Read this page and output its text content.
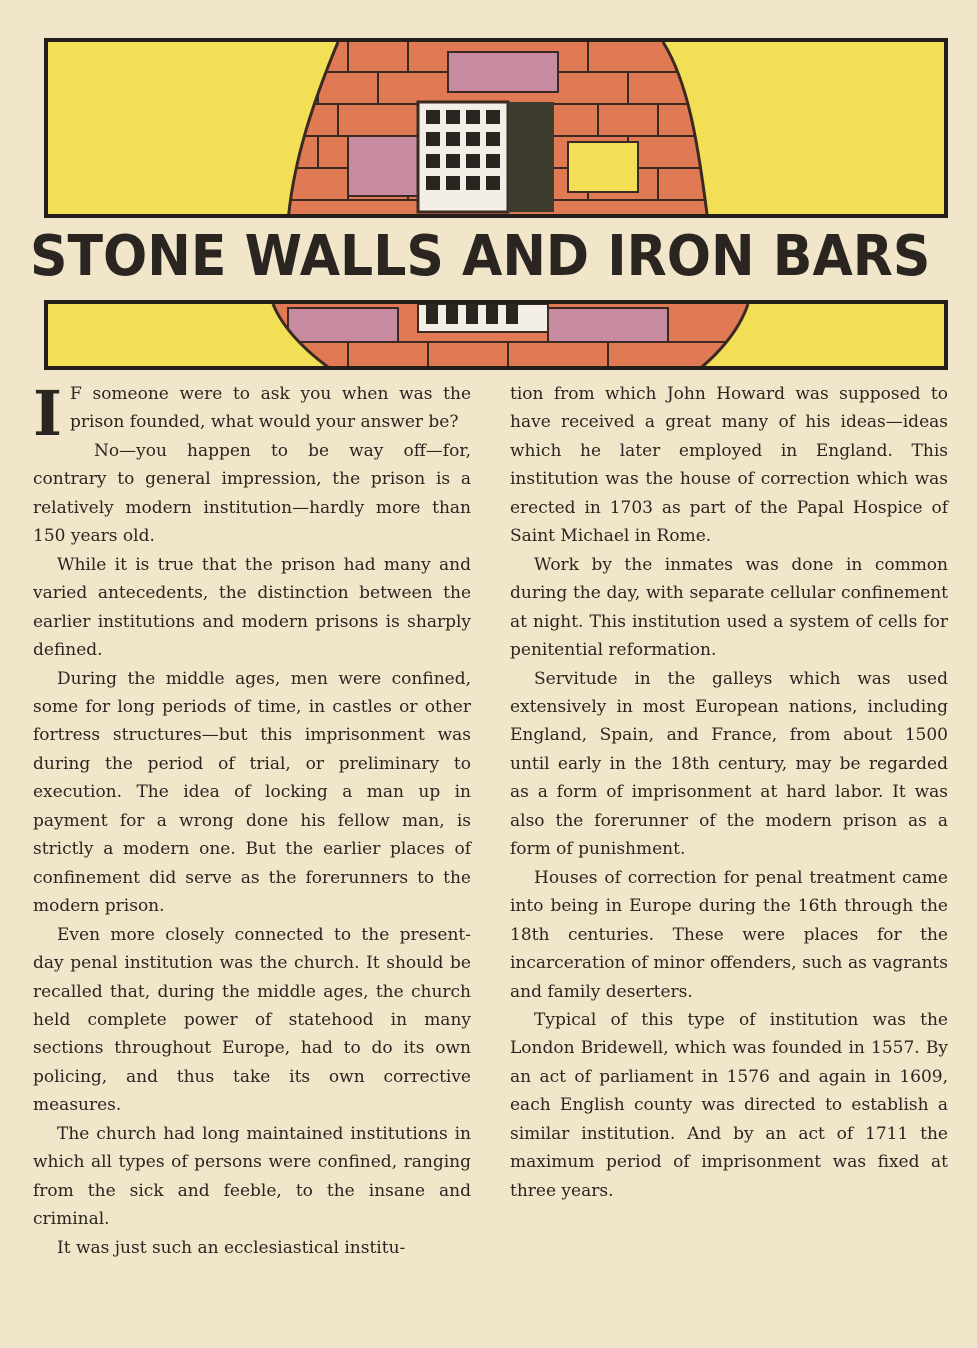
STONE WALLS AND IRON BARS
I F someone were to ask you when was the prison founded, what would your answer be?

No—you happen to be way off—for, contrary to general impression, the prison is a relatively modern institution—hardly more than 150 years old.

While it is true that the prison had many and varied antecedents, the distinction between the earlier institutions and modern prisons is sharply defined.

During the middle ages, men were confined, some for long periods of time, in castles or other fortress structures—but this imprisonment was during the period of trial, or preliminary to execution. The idea of locking a man up in payment for a wrong done his fellow man, is strictly a modern one. But the earlier places of confinement did serve as the forerunners to the modern prison.

Even more closely connected to the present-day penal institution was the church. It should be recalled that, during the middle ages, the church held complete power of statehood in many sections throughout Europe, had to do its own policing, and thus take its own corrective measures.

The church had long maintained institutions in which all types of persons were confined, ranging from the sick and feeble, to the insane and criminal.

It was just such an ecclesiastical institu-

tion from which John Howard was supposed to have received a great many of his ideas—ideas which he later employed in England. This institution was the house of correction which was erected in 1703 as part of the Papal Hospice of Saint Michael in Rome.

Work by the inmates was done in common during the day, with separate cellular confinement at night. This institution used a system of cells for penitential reformation.

Servitude in the galleys which was used extensively in most European nations, including England, Spain, and France, from about 1500 until early in the 18th century, may be regarded as a form of imprisonment at hard labor. It was also the forerunner of the modern prison as a form of punishment.

Houses of correction for penal treatment came into being in Europe during the 16th through the 18th centuries. These were places for the incarceration of minor offenders, such as vagrants and family deserters.

Typical of this type of institution was the London Bridewell, which was founded in 1557. By an act of parliament in 1576 and again in 1609, each English county was directed to establish a similar institution. And by an act of 1711 the maximum period of imprisonment was fixed at three years.
